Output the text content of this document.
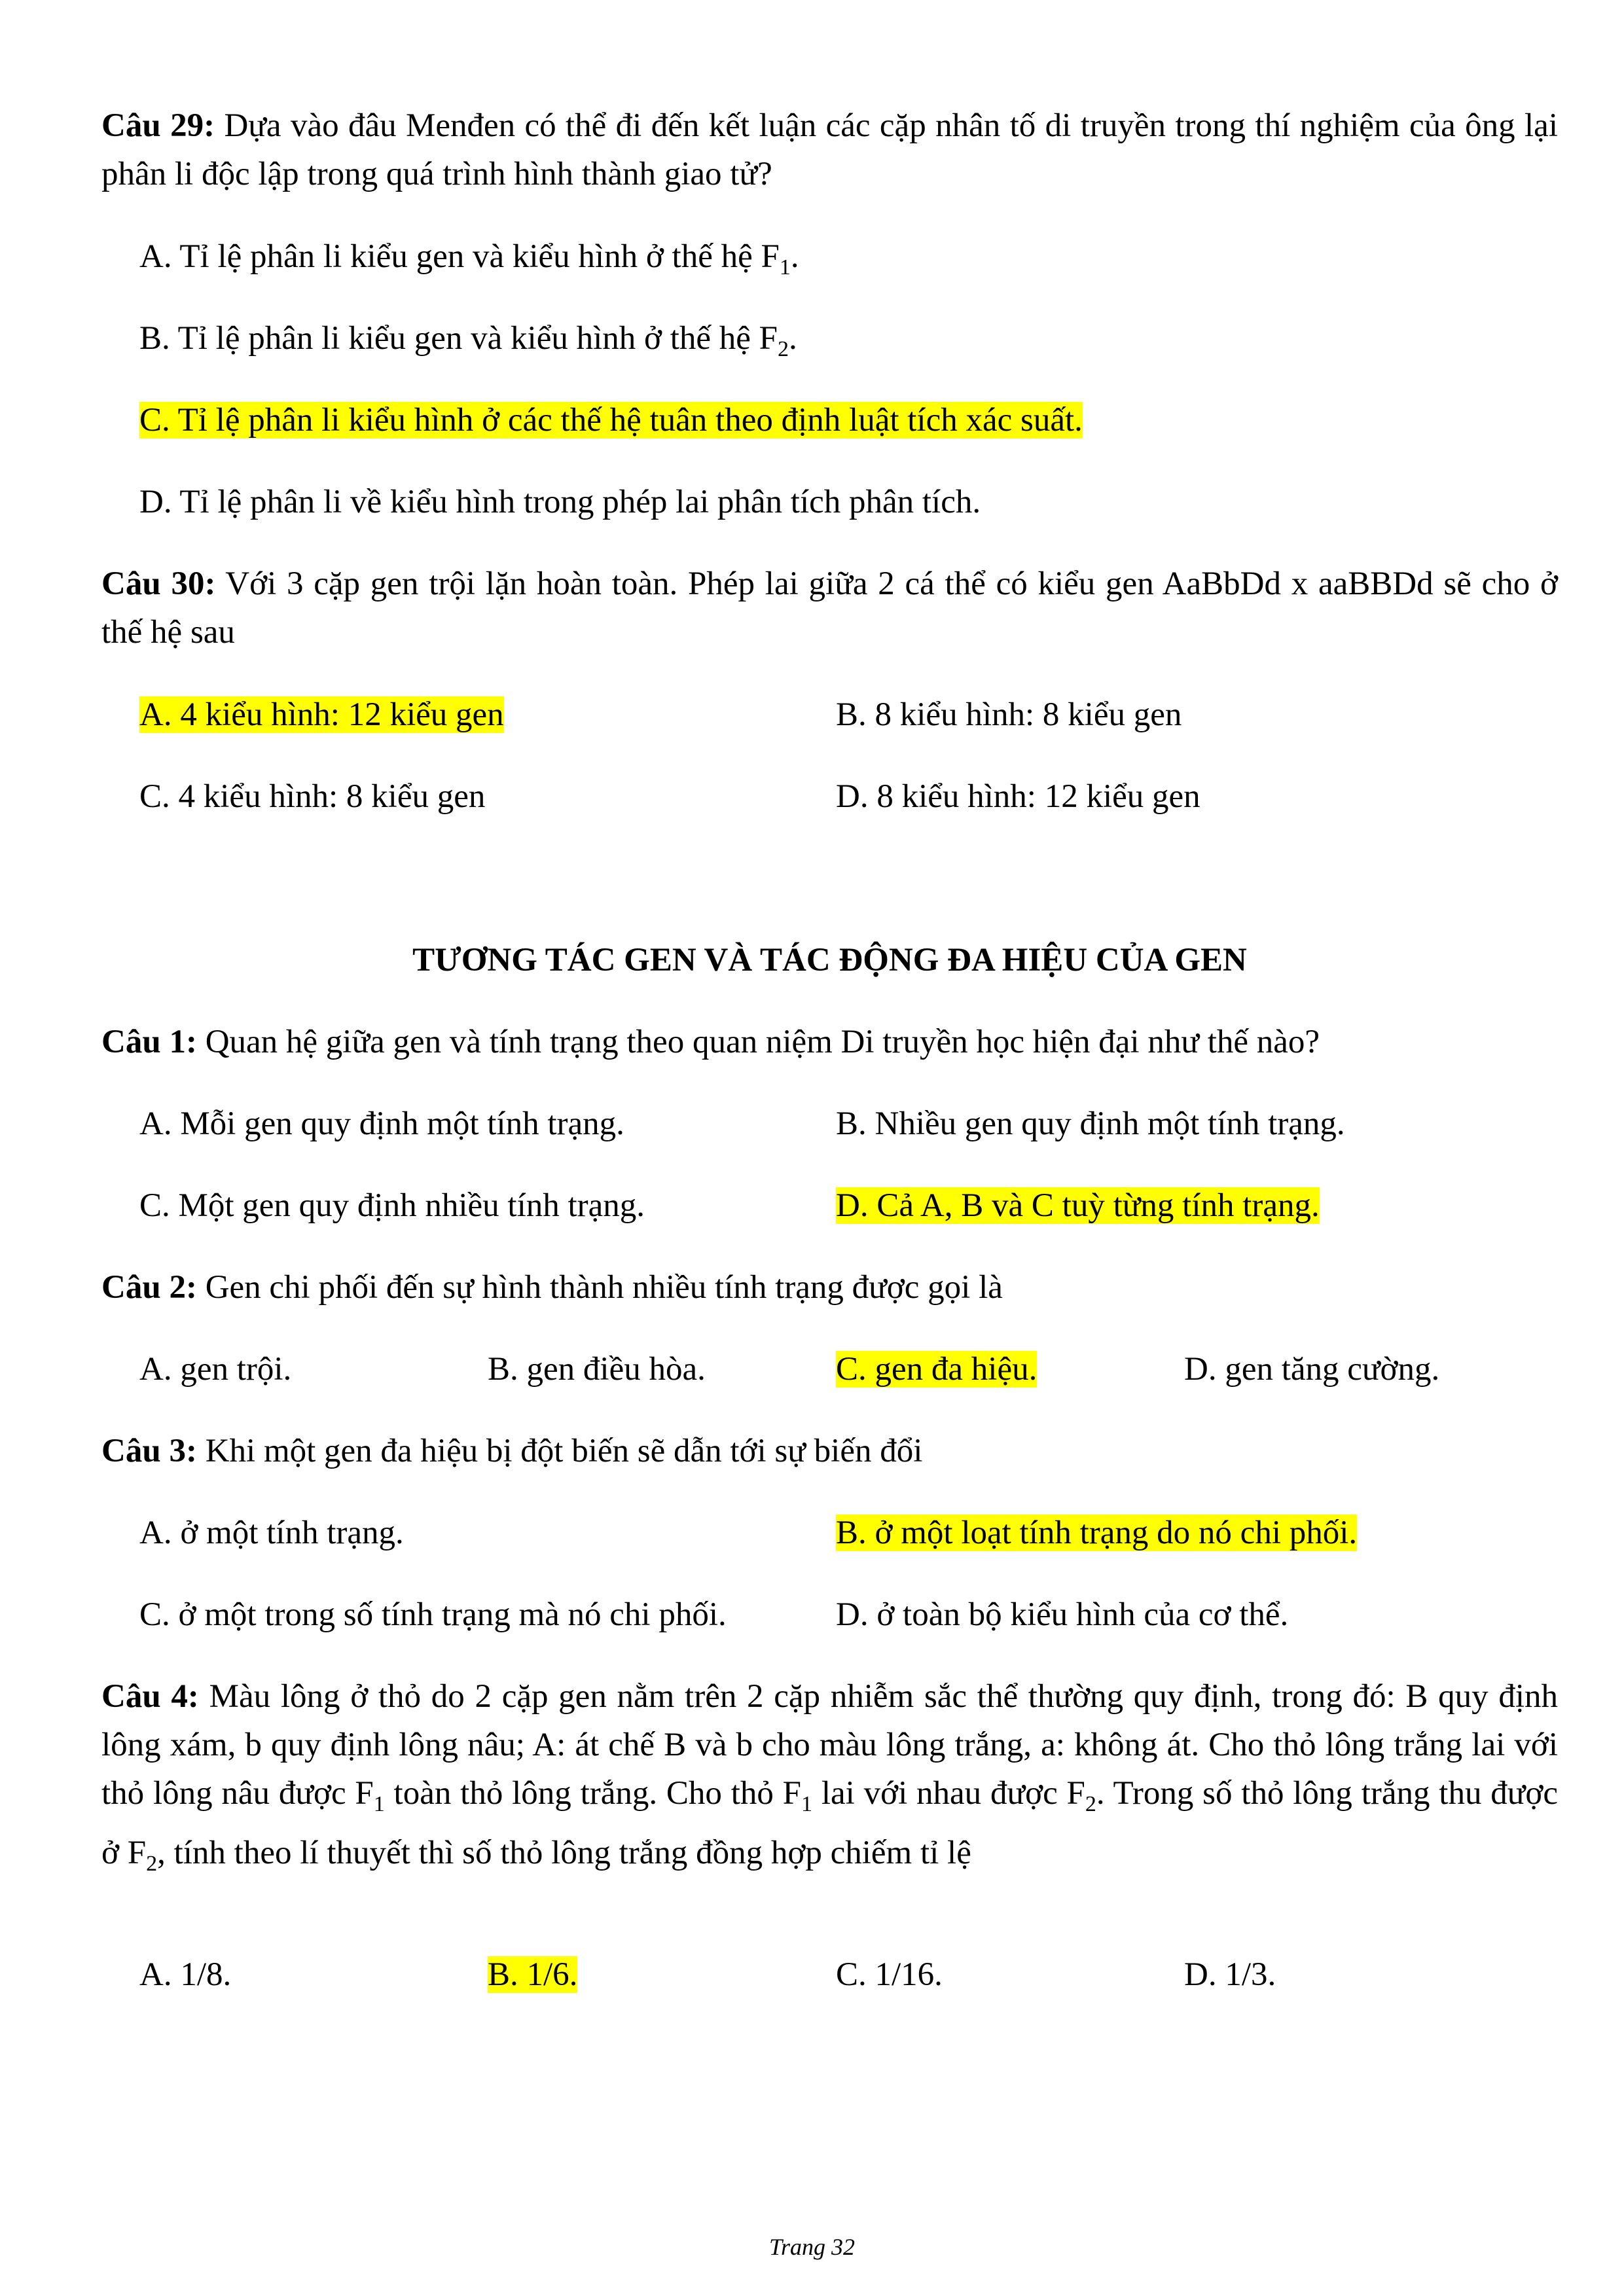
Câu 29: Dựa vào đâu Menđen có thể đi đến kết luận các cặp nhân tố di truyền trong thí nghiệm của ông lại phân li độc lập trong quá trình hình thành giao tử?

A. Tỉ lệ phân li kiểu gen và kiểu hình ở thế hệ $F_1$.
B. Tỉ lệ phân li kiểu gen và kiểu hình ở thế hệ $F_2$.
C. Tỉ lệ phân li kiểu hình ở các thế hệ tuân theo định luật tích xác suất.
D. Tỉ lệ phân li về kiểu hình trong phép lai phân tích phân tích.

Câu 30: Với 3 cặp gen trội lặn hoàn toàn. Phép lai giữa 2 cá thể có kiểu gen AaBbDd x aaBBDd sẽ cho ở thế hệ sau

A. 4 kiểu hình: 12 kiểu gen	B. 8 kiểu hình: 8 kiểu gen
C. 4 kiểu hình: 8 kiểu gen	D. 8 kiểu hình: 12 kiểu gen
TƯƠNG TÁC GEN VÀ TÁC ĐỘNG ĐA HIỆU CỦA GEN

Câu 1: Quan hệ giữa gen và tính trạng theo quan niệm Di truyền học hiện đại như thế nào?

A. Mỗi gen quy định một tính trạng.	B. Nhiều gen quy định một tính trạng.
C. Một gen quy định nhiều tính trạng.	D. Cả A, B và C tuỳ từng tính trạng.

Câu 2: Gen chi phối đến sự hình thành nhiều tính trạng được gọi là

A. gen trội.	B. gen điều hòa.	C. gen đa hiệu.	D. gen tăng cường.

Câu 3: Khi một gen đa hiệu bị đột biến sẽ dẫn tới sự biến đổi

A. ở một tính trạng.	B. ở một loạt tính trạng do nó chi phối.
C. ở một trong số tính trạng mà nó chi phối.	D. ở toàn bộ kiểu hình của cơ thể.

Câu 4: Màu lông ở thỏ do 2 cặp gen nằm trên 2 cặp nhiễm sắc thể thường quy định, trong đó: B quy định lông xám, b quy định lông nâu; A: át chế B và b cho màu lông trắng, a: không át. Cho thỏ lông trắng lai với thỏ lông nâu được $F_1$ toàn thỏ lông trắng. Cho thỏ $F_1$ lai với nhau được $F_2$. Trong số thỏ lông trắng thu được ở $F_2$, tính theo lí thuyết thì số thỏ lông trắng đồng hợp chiếm tỉ lệ

A. 1/8.	B. 1/6.	C. 1/16.	D. 1/3.
Trang 32
